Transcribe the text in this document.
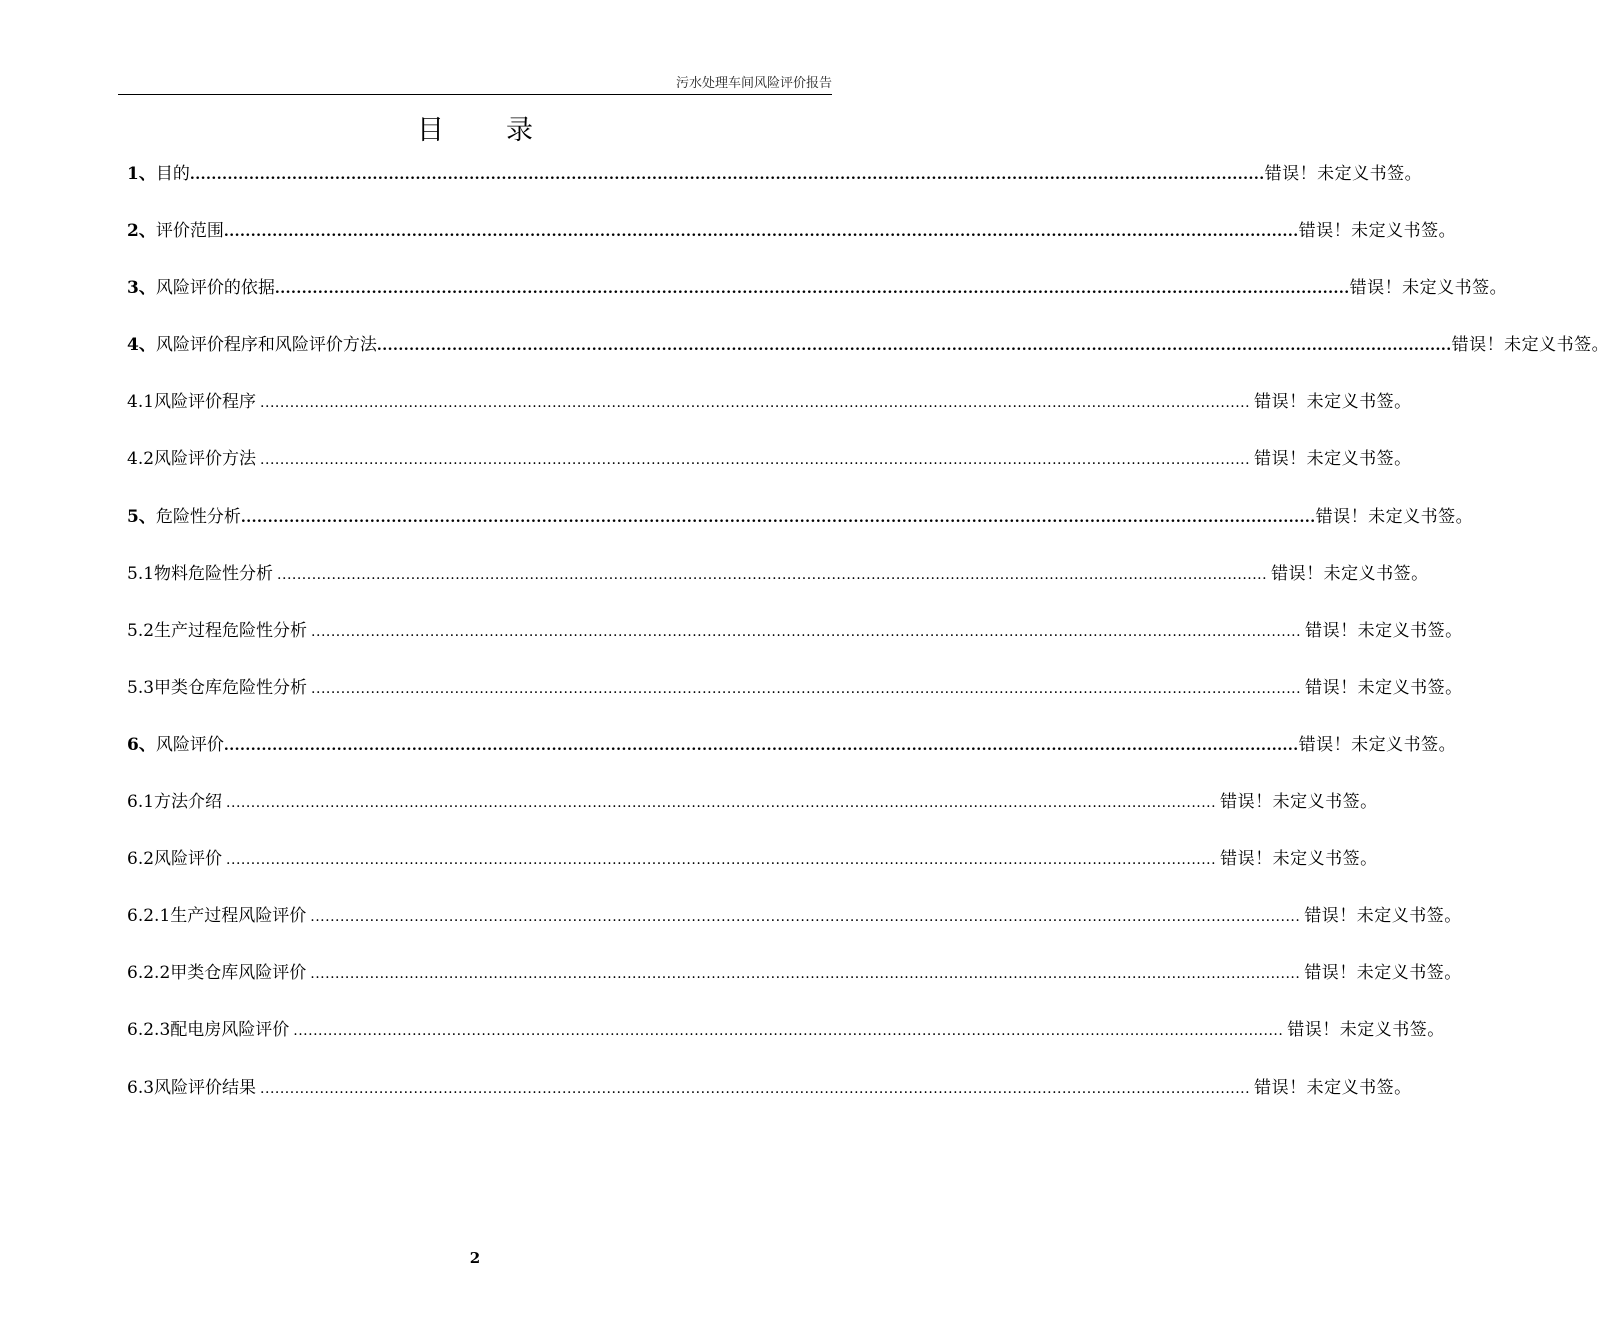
污水处理车间风险评价报告
目录
1、 目的 ........................................................................................................................................................................................................ 错误！未定义书签。
2、 评价范围 ........................................................................................................................................................................................................ 错误！未定义书签。
3、 风险评价的依据 ........................................................................................................................................................................................................ 错误！未定义书签。
4、 风险评价程序和风险评价方法 ........................................................................................................................................................................................................ 错误！未定义书签。
4.1 风险评价程序 ........................................................................................................................................................................................................ 错误！未定义书签。
4.2 风险评价方法 ........................................................................................................................................................................................................ 错误！未定义书签。
5、 危险性分析 ........................................................................................................................................................................................................ 错误！未定义书签。
5.1 物料危险性分析 ........................................................................................................................................................................................................ 错误！未定义书签。
5.2 生产过程危险性分析 ........................................................................................................................................................................................................ 错误！未定义书签。
5.3 甲类仓库危险性分析 ........................................................................................................................................................................................................ 错误！未定义书签。
6、 风险评价 ........................................................................................................................................................................................................ 错误！未定义书签。
6.1 方法介绍 ........................................................................................................................................................................................................ 错误！未定义书签。
6.2 风险评价 ........................................................................................................................................................................................................ 错误！未定义书签。
6.2.1 生产过程风险评价 ........................................................................................................................................................................................................ 错误！未定义书签。
6.2.2 甲类仓库风险评价 ........................................................................................................................................................................................................ 错误！未定义书签。
6.2.3 配电房风险评价 ........................................................................................................................................................................................................ 错误！未定义书签。
6.3 风险评价结果 ........................................................................................................................................................................................................ 错误！未定义书签。
2
